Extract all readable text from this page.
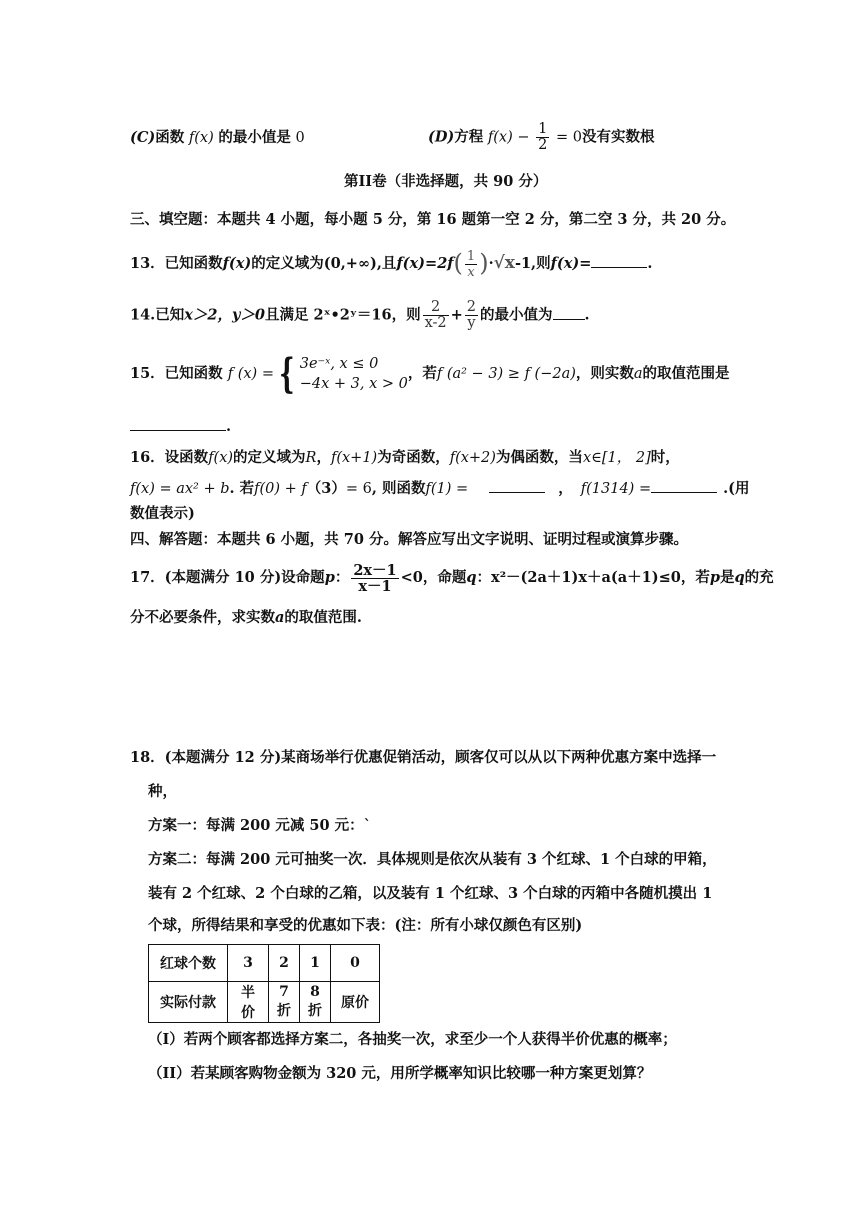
(C)函数 f(x) 的最小值是 0	(D)方程 $f(x) - \frac{1}{2} = 0$没有实数根
第II卷（非选择题，共 90 分）
三、填空题：本题共 4 小题，每小题 5 分，第 16 题第一空 2 分，第二空 3 分，共 20 分。
13．已知函数f(x)的定义域为(0,+∞),且$f(x)=2f( \frac{1}{x} )\cdot√x-1$,则f(x)=	.
14.已知x＞2，y＞0且满足 2ˣ•2ʸ＝16，则 $\frac{2}{x-2} + \frac{2}{y}$ 的最小值为 .
15．已知函数 f (x) = { 3e⁻ˣ, x ≤ 0
−4x + 3, x > 0
，若f (a² − 3) ≥ f (−2a)，则实数a的取值范围是
.
16．设函数f(x)的定义域为R，f(x+1)为奇函数，f(x+2)为偶函数，当x∈[1， 2]时，
f(x) = ax² + b. 若f(0) + f（3）= 6, 则函数f(1) =	， f(1314) =	.(用
数值表示)
四、解答题：本题共 6 小题，共 70 分。解答应写出文字说明、证明过程或演算步骤。
17．(本题满分 10 分)设命题p： $\frac{2x-1}{x-1} <0$，命题q：x²－(2a＋1)x＋a(a＋1)≤0，若p是q的充
分不必要条件，求实数a的取值范围.
18．(本题满分 12 分)某商场举行优惠促销活动，顾客仅可以从以下两种优惠方案中选择一
种，
方案一：每满 200 元减 50 元：`
方案二：每满 200 元可抽奖一次．具体规则是依次从装有 3 个红球、1 个白球的甲箱，
装有 2 个红球、2 个白球的乙箱，以及装有 1 个红球、3 个白球的丙箱中各随机摸出 1
个球，所得结果和享受的优惠如下表：(注：所有小球仅颜色有区别)
红球个数	3	2	1	0
实际付款	半价	7 折	8 折	原价
（I）若两个顾客都选择方案二，各抽奖一次，求至少一个人获得半价优惠的概率；
（II）若某顾客购物金额为 320 元，用所学概率知识比较哪一种方案更划算？
